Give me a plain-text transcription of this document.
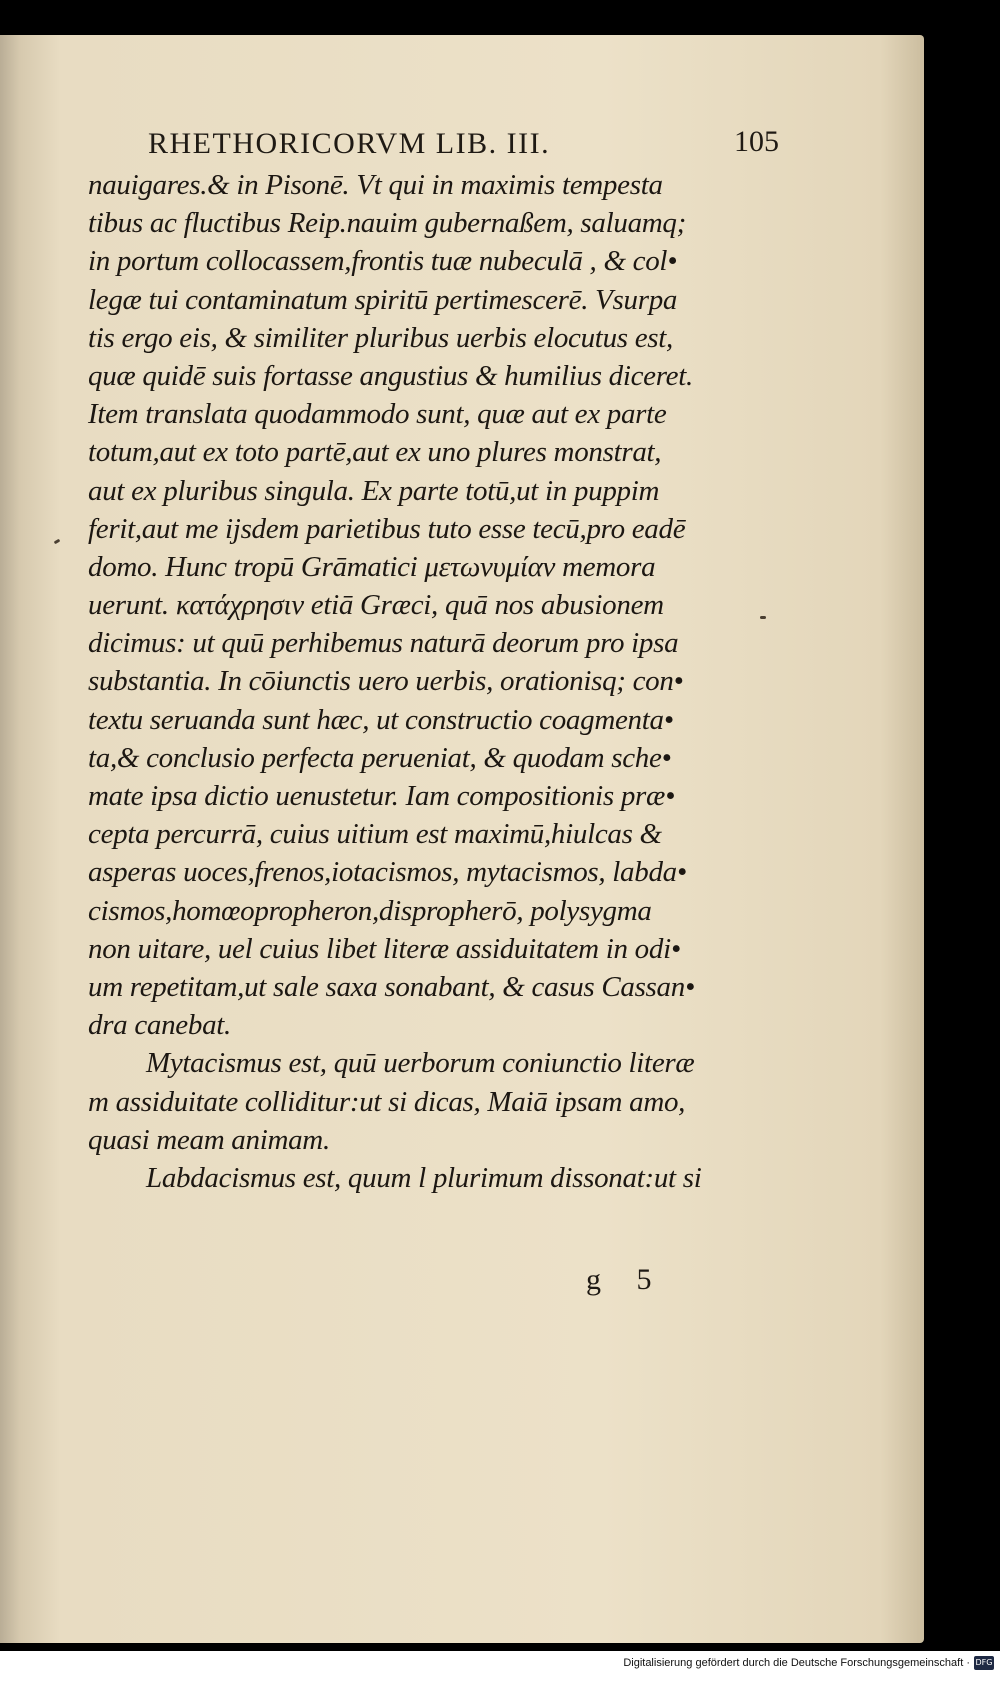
RHETHORICORVM LIB. III.	105
nauigares.& in Pisonē. Vt qui in maximis tempesta
tibus ac fluctibus Reip.nauim gubernaßem, saluamq;
in portum collocassem,frontis tuæ nubeculā , & col•
legæ tui contaminatum spiritū pertimescerē. Vsurpa
tis ergo eis, & similiter pluribus uerbis elocutus est,
quæ quidē suis fortasse angustius & humilius diceret.
Item translata quodammodo sunt, quæ aut ex parte
totum,aut ex toto partē,aut ex uno plures monstrat,
aut ex pluribus singula. Ex parte totū,ut in puppim
ferit,aut me ijsdem parietibus tuto esse tecū,pro eadē
domo. Hunc tropū Grāmatici μετωνυμίαν memora
uerunt. κατάχρησιν etiā Græci, quā nos abusionem
dicimus: ut quū perhibemus naturā deorum pro ipsa
substantia. In cōiunctis uero uerbis, orationisq; con•
textu seruanda sunt hæc, ut constructio coagmenta•
ta,& conclusio perfecta perueniat, & quodam sche•
mate ipsa dictio uenustetur. Iam compositionis præ•
cepta percurrā, cuius uitium est maximū,hiulcas &
asperas uoces,frenos,iotacismos, mytacismos, labda•
cismos,homœopropheron,dispropherō, polysygma
non uitare, uel cuius libet literæ assiduitatem in odi•
um repetitam,ut sale saxa sonabant, & casus Cassan•
dra canebat.
Mytacismus est, quū uerborum coniunctio literæ
m assiduitate colliditur:ut si dicas, Maiā ipsam amo,
quasi meam animam.
Labdacismus est, quum l plurimum dissonat:ut si
g 5
Digitalisierung gefördert durch die Deutsche Forschungsgemeinschaft · DFG
